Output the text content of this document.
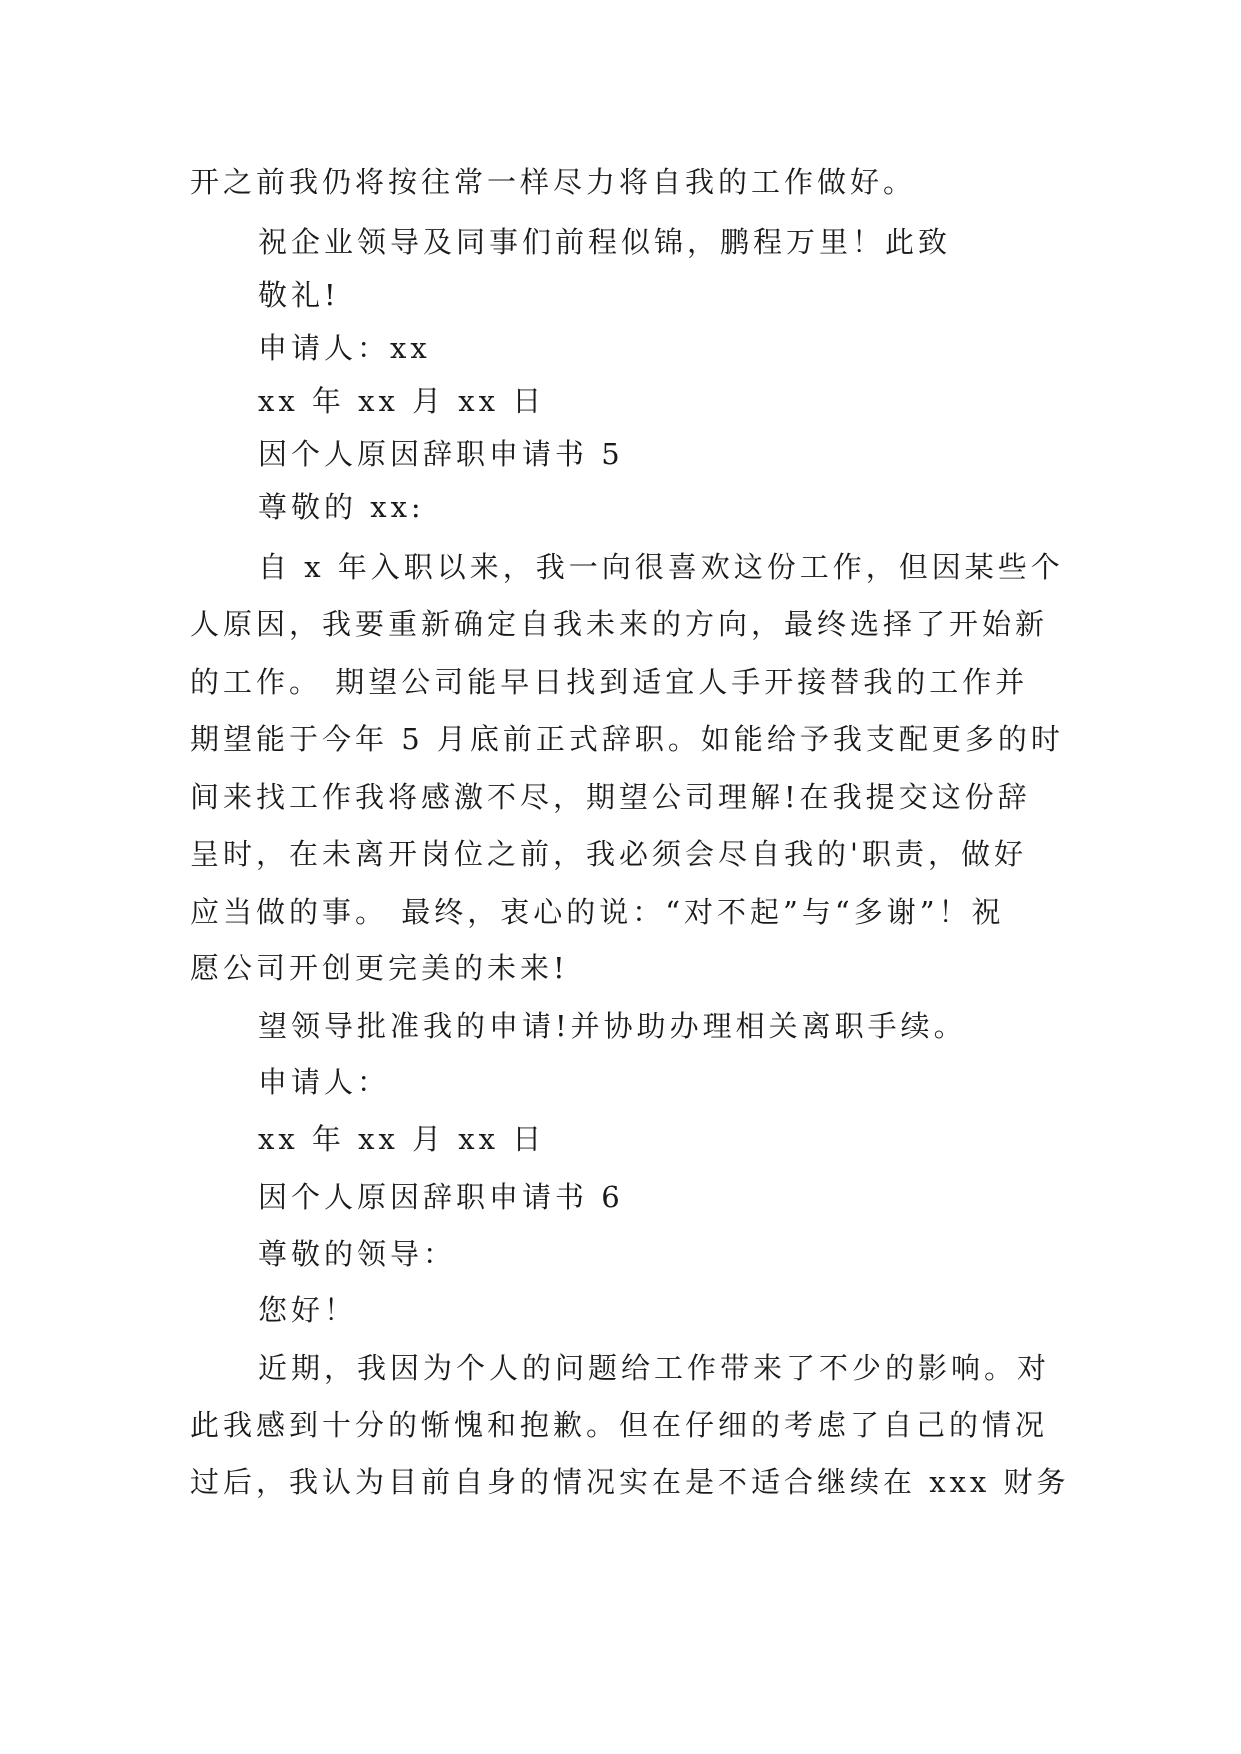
开之前我仍将按往常一样尽力将自我的工作做好。
祝企业领导及同事们前程似锦，鹏程万里！此致
敬礼!
申请人：xx
xx 年 xx 月 xx 日
因个人原因辞职申请书 5
尊敬的 xx:
自 x 年入职以来，我一向很喜欢这份工作，但因某些个
人原因，我要重新确定自我未来的方向，最终选择了开始新
的工作。 期望公司能早日找到适宜人手开接替我的工作并
期望能于今年 5 月底前正式辞职。如能给予我支配更多的时
间来找工作我将感激不尽，期望公司理解!在我提交这份辞
呈时，在未离开岗位之前，我必须会尽自我的'职责，做好
应当做的事。 最终，衷心的说：“对不起”与“多谢”！祝
愿公司开创更完美的未来!
望领导批准我的申请!并协助办理相关离职手续。
申请人：
xx 年 xx 月 xx 日
因个人原因辞职申请书 6
尊敬的领导：
您好！
近期，我因为个人的问题给工作带来了不少的影响。对
此我感到十分的惭愧和抱歉。但在仔细的考虑了自己的情况
过后，我认为目前自身的情况实在是不适合继续在 xxx 财务
